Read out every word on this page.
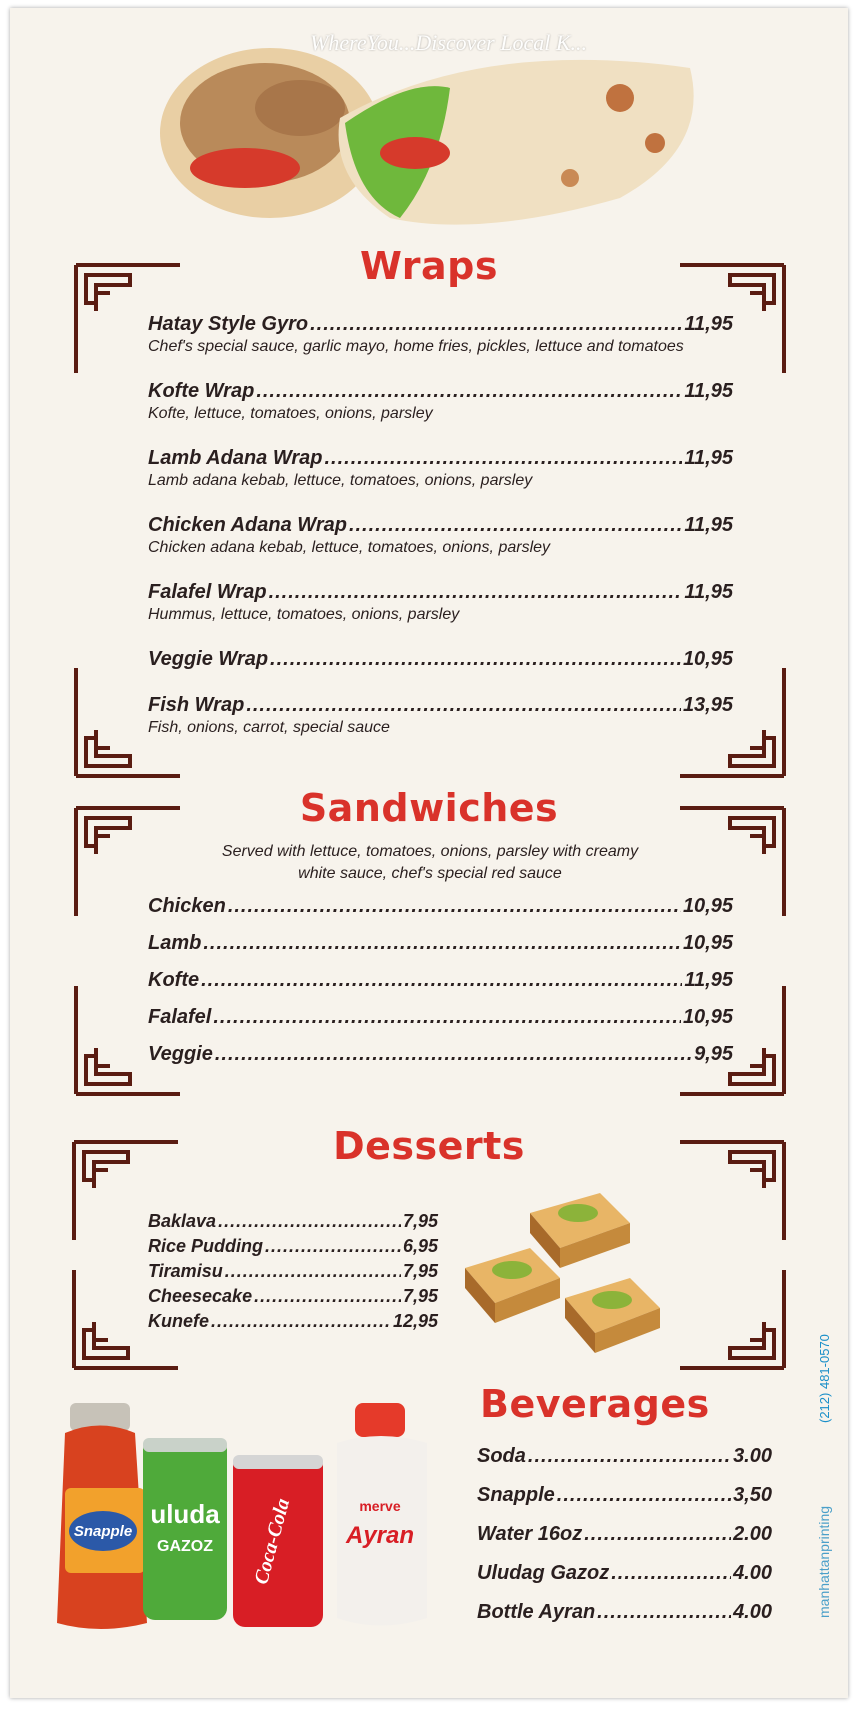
WhereYou...Discover Local K...
Wraps
Hatay Style Gyro .....	11,95
Chef's special sauce, garlic mayo, home fries, pickles, lettuce and tomatoes
Kofte Wrap .....	11,95
Kofte, lettuce, tomatoes, onions, parsley
Lamb Adana Wrap .....	11,95
Lamb adana kebab, lettuce, tomatoes, onions, parsley
Chicken Adana Wrap .....	11,95
Chicken adana kebab, lettuce, tomatoes, onions, parsley
Falafel Wrap .....	11,95
Hummus, lettuce, tomatoes, onions, parsley
Veggie Wrap .....	10,95
Fish Wrap .....	13,95
Fish, onions, carrot, special sauce
Sandwiches
Served with lettuce, tomatoes, onions, parsley with creamy
white sauce, chef's special red sauce
Chicken .....	10,95
Lamb .....	10,95
Kofte .....	11,95
Falafel .....	10,95
Veggie .....	9,95
Desserts
Baklava .....	7,95
Rice Pudding .....	6,95
Tiramisu .....	7,95
Cheesecake .....	7,95
Kunefe .....	12,95
Beverages
Soda .....	3.00
Snapple .....	3,50
Water 16oz .....	2.00
Uludag Gazoz .....	4.00
Bottle Ayran .....	4.00
Snapple
uluda
GAZOZ Coca-Cola	merve
Ayran
(212) 481-0570
manhattanprinting
